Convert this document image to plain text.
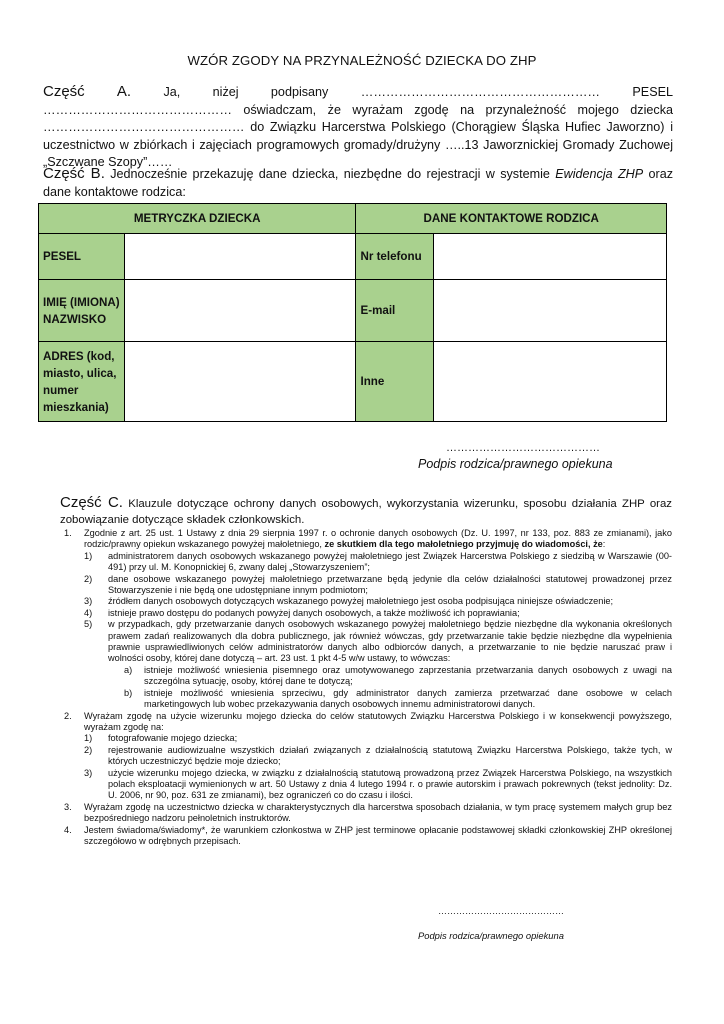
WZÓR ZGODY NA PRZYNALEŻNOŚĆ DZIECKA DO ZHP
Część A. Ja, niżej podpisany ………………………………………………… PESEL ……………………………………… oświadczam, że wyrażam zgodę na przynależność mojego dziecka ………………………………………… do Związku Harcerstwa Polskiego (Chorągiew Śląska Hufiec Jaworzno) i uczestnictwo w zbiórkach i zajęciach programowych gromady/drużyny …..13 Jaworznickiej Gromady Zuchowej „Szczwane Szopy”……
Część B. Jednocześnie przekazuję dane dziecka, niezbędne do rejestracji w systemie Ewidencja ZHP oraz dane kontaktowe rodzica:
METRYCZKA DZIECKA		DANE KONTAKTOWE RODZICA	
PESEL		Nr telefonu	
IMIĘ (IMIONA) NAZWISKO		E-mail	
ADRES (kod, miasto, ulica, numer mieszkania)		Inne	
……………………………………
Podpis rodzica/prawnego opiekuna
Część C. Klauzule dotyczące ochrony danych osobowych, wykorzystania wizerunku, sposobu działania ZHP oraz zobowiązanie dotyczące składek członkowskich.
1. Zgodnie z art. 25 ust. 1 Ustawy z dnia 29 sierpnia 1997 r. o ochronie danych osobowych (Dz. U. 1997, nr 133, poz. 883 ze zmianami), jako rodzic/prawny opiekun wskazanego powyżej małoletniego, ze skutkiem dla tego małoletniego przyjmuję do wiadomości, że:
1) administratorem danych osobowych wskazanego powyżej małoletniego jest Związek Harcerstwa Polskiego z siedzibą w Warszawie (00-491) przy ul. M. Konopnickiej 6, zwany dalej „Stowarzyszeniem”;
2) dane osobowe wskazanego powyżej małoletniego przetwarzane będą jedynie dla celów działalności statutowej prowadzonej przez Stowarzyszenie i nie będą one udostępniane innym podmiotom;
3) źródłem danych osobowych dotyczących wskazanego powyżej małoletniego jest osoba podpisująca niniejsze oświadczenie;
4) istnieje prawo dostępu do podanych powyżej danych osobowych, a także możliwość ich poprawiania;
5) w przypadkach, gdy przetwarzanie danych osobowych wskazanego powyżej małoletniego będzie niezbędne dla wykonania określonych prawem zadań realizowanych dla dobra publicznego, jak również wówczas, gdy przetwarzanie takie będzie niezbędne dla wypełnienia prawnie usprawiedliwionych celów administratorów danych albo odbiorców danych, a przetwarzanie to nie będzie naruszać praw i wolności osoby, której dane dotyczą – art. 23 ust. 1 pkt 4-5 w/w ustawy, to wówczas:
a) istnieje możliwość wniesienia pisemnego oraz umotywowanego zaprzestania przetwarzania danych osobowych z uwagi na szczególna sytuację, osoby, której dane te dotyczą;
b) istnieje możliwość wniesienia sprzeciwu, gdy administrator danych zamierza przetwarzać dane osobowe w celach marketingowych lub wobec przekazywania danych osobowych innemu administratorowi danych.
2. Wyrażam zgodę na użycie wizerunku mojego dziecka do celów statutowych Związku Harcerstwa Polskiego i w konsekwencji powyższego, wyrażam zgodę na:
1) fotografowanie mojego dziecka;
2) rejestrowanie audiowizualne wszystkich działań związanych z działalnością statutową Związku Harcerstwa Polskiego, także tych, w których uczestniczyć będzie moje dziecko;
3) użycie wizerunku mojego dziecka, w związku z działalnością statutową prowadzoną przez Związek Harcerstwa Polskiego, na wszystkich polach eksploatacji wymienionych w art. 50 Ustawy z dnia 4 lutego 1994 r. o prawie autorskim i prawach pokrewnych (tekst jednolity: Dz. U. 2006, nr 90, poz. 631 ze zmianami), bez ograniczeń co do czasu i ilości.
3. Wyrażam zgodę na uczestnictwo dziecka w charakterystycznych dla harcerstwa sposobach działania, w tym pracę systemem małych grup bez bezpośredniego nadzoru pełnoletnich instruktorów.
4. Jestem świadoma/świadomy*, że warunkiem członkostwa w ZHP jest terminowe opłacanie podstawowej składki członkowskiej ZHP określonej szczegółowo w odrębnych przepisach.
……………………………………
Podpis rodzica/prawnego opiekuna
